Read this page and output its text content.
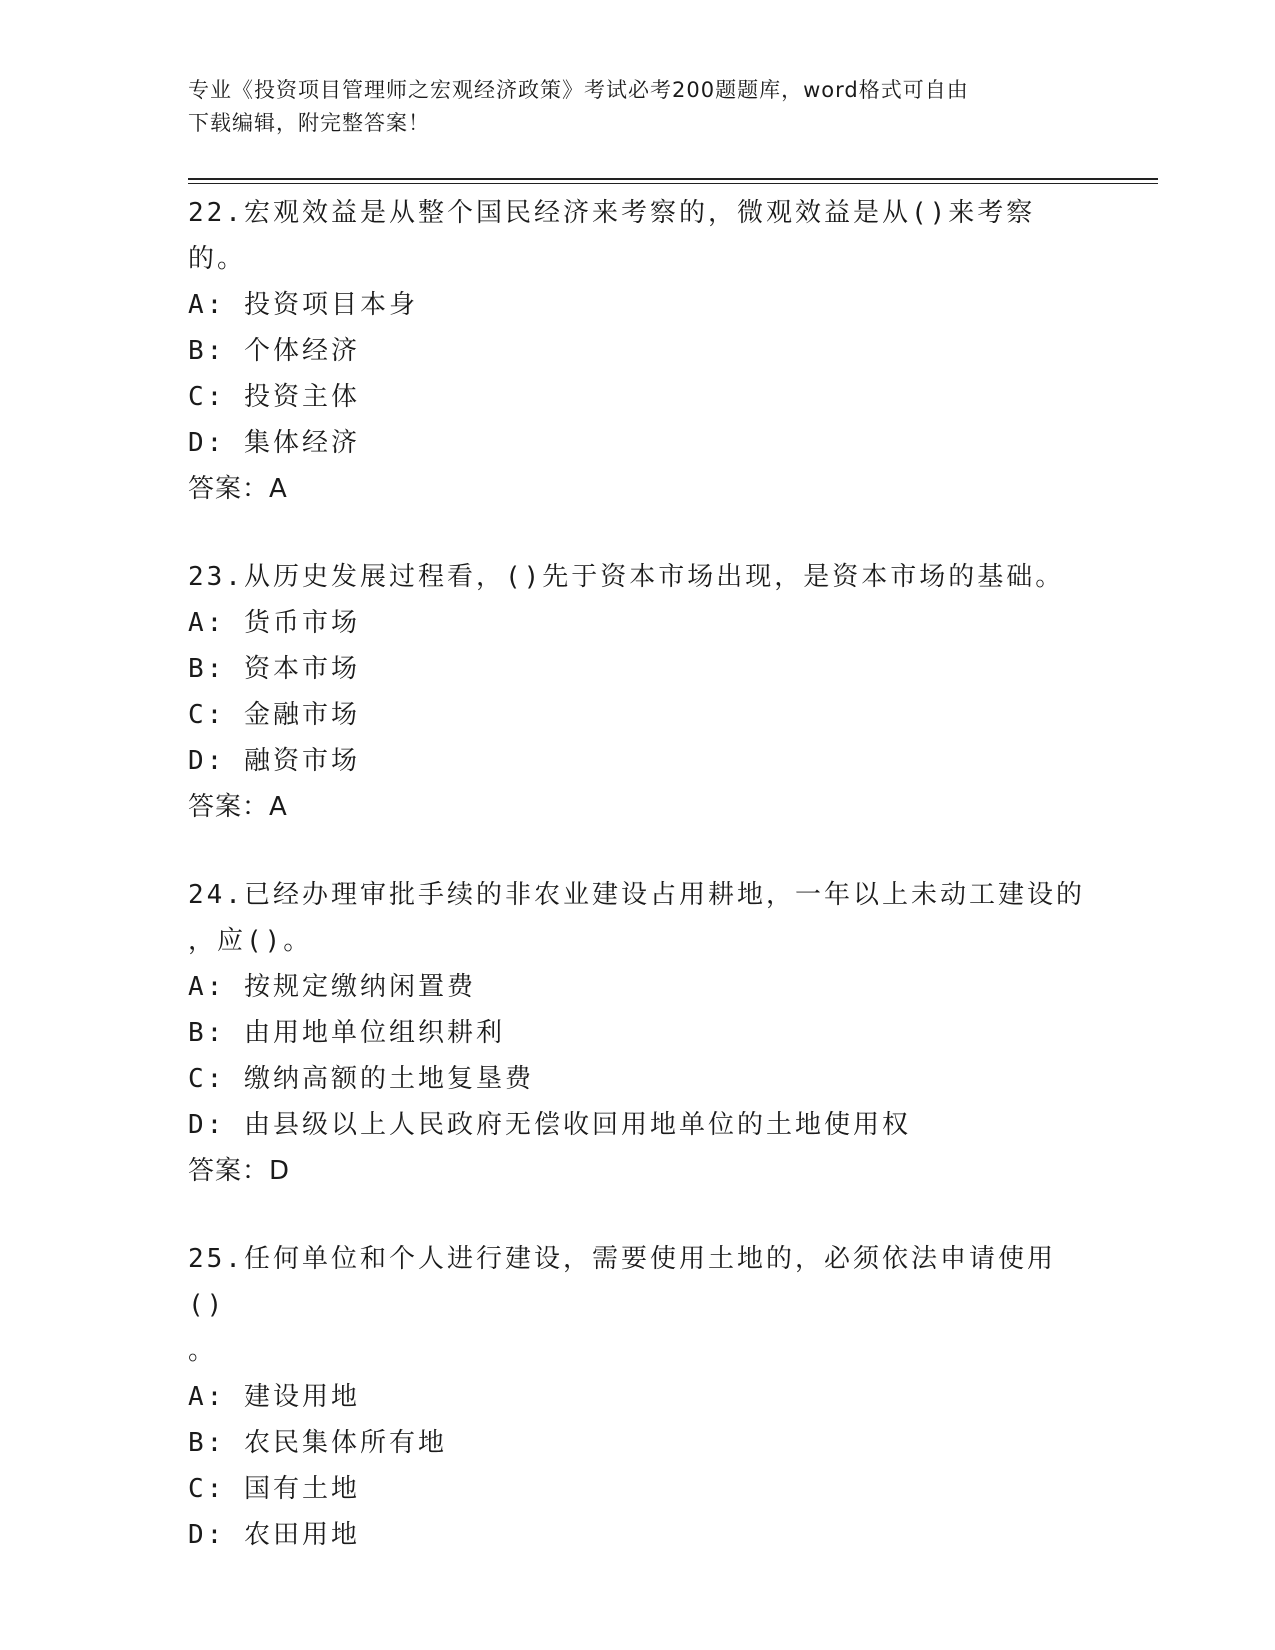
专业《投资项目管理师之宏观经济政策》考试必考200题题库，word格式可自由
下载编辑，附完整答案！
22.宏观效益是从整个国民经济来考察的，微观效益是从()来考察的。
A: 投资项目本身
B: 个体经济
C: 投资主体
D: 集体经济
答案：A
23.从历史发展过程看，()先于资本市场出现，是资本市场的基础。
A: 货币市场
B: 资本市场
C: 金融市场
D: 融资市场
答案：A
24.已经办理审批手续的非农业建设占用耕地，一年以上未动工建设的
，应()。
A: 按规定缴纳闲置费
B: 由用地单位组织耕利
C: 缴纳高额的土地复垦费
D: 由县级以上人民政府无偿收回用地单位的土地使用权
答案：D
25.任何单位和个人进行建设，需要使用土地的，必须依法申请使用()
。
A: 建设用地
B: 农民集体所有地
C: 国有土地
D: 农田用地
